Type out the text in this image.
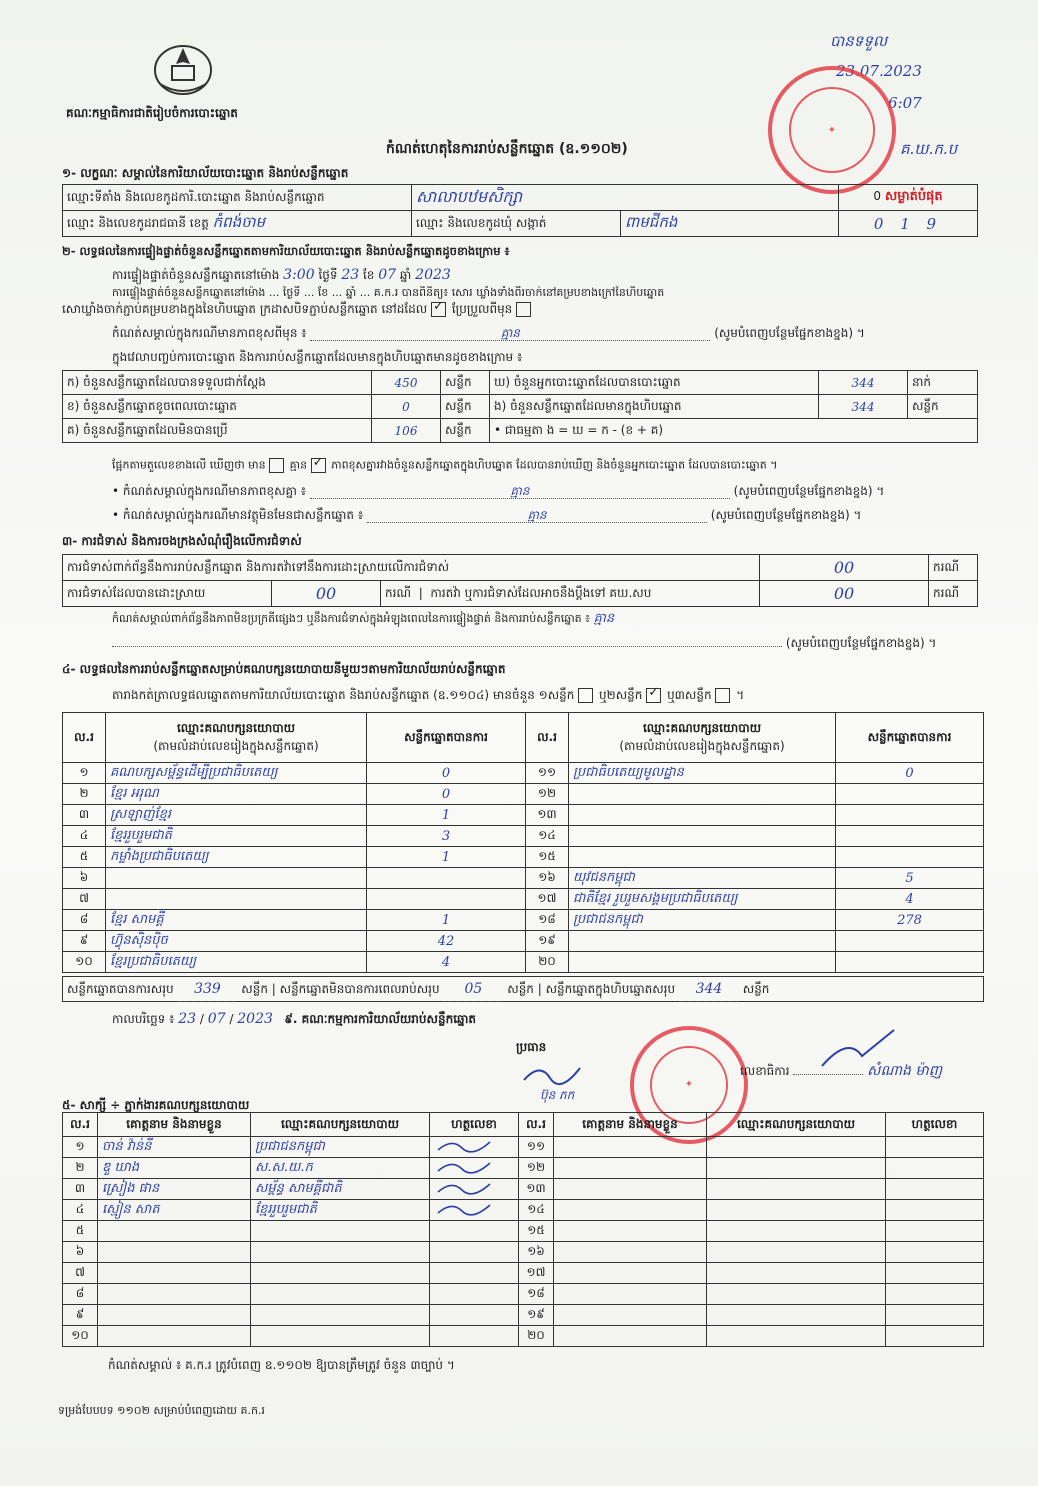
គណៈកម្មាធិការជាតិរៀបចំការបោះឆ្នោត
កំណត់ហេតុនៃការរាប់សន្លឹកឆ្នោត (ឧ.១១០២)
បានទទួល
23.07.2023
6:07
គ.ឃ.ក.ប
✦
១- លក្ខណៈ សម្គាល់នៃការិយាល័យបោះឆ្នោត និងរាប់សន្លឹកឆ្នោត
ឈ្មោះទីតាំង និងលេខកូដការិ.បោះឆ្នោត និងរាប់សន្លឹកឆ្នោត	សាលាបឋមសិក្សា		0 សម្ងាត់បំផុត
ឈ្មោះ និងលេខកូដរាជធានី ខេត្ត កំពង់ចាម	ឈ្មោះ និងលេខកូដឃុំ សង្កាត់	ពាមជីកង	0 1 9
២- លទ្ធផលនៃការផ្ទៀងផ្ទាត់ចំនួនសន្លឹកឆ្នោតតាមការិយាល័យបោះឆ្នោត និងរាប់សន្លឹកឆ្នោតដូចខាងក្រោម ៖
ការផ្ទៀងផ្ទាត់ចំនួនសន្លឹកឆ្នោតនៅម៉ោង 3:00 ថ្ងៃទី 23 ខែ 07 ឆ្នាំ 2023
ការផ្ទៀងផ្ទាត់ចំនួនសន្លឹកឆ្នោតនៅម៉ោង ... ថ្ងៃទី ... ខែ ... ឆ្នាំ ... គ.ក.រ បានពិនិត្យ៖ សោរ ឃ្លាំងទាំងពីរចាក់នៅគម្របខាងក្រៅនៃហិបឆ្នោត
សោឃ្លាំងចាក់ភ្ជាប់គម្របខាងក្នុងនៃហិបឆ្នោត ក្រដាសបិទភ្ជាប់សន្លឹកឆ្នោត នៅដដែល ✓ ប្រែប្រួលពីមុន
កំណត់សម្គាល់ក្នុងករណីមានភាពខុសពីមុន ៖	គ្មាន	(សូមបំពេញបន្ថែមផ្នែកខាងខ្នង) ។
ក្នុងវេលាបញ្ចប់ការបោះឆ្នោត និងការរាប់សន្លឹកឆ្នោតដែលមានក្នុងហិបឆ្នោតមានដូចខាងក្រោម ៖
ក) ចំនួនសន្លឹកឆ្នោតដែលបានទទួលជាក់ស្តែង	450	សន្លឹក	ឃ) ចំនួនអ្នកបោះឆ្នោតដែលបានបោះឆ្នោត	344	នាក់
ខ) ចំនួនសន្លឹកឆ្នោតខូចពេលបោះឆ្នោត	0	សន្លឹក	ង) ចំនួនសន្លឹកឆ្នោតដែលមានក្នុងហិបឆ្នោត	344	សន្លឹក
គ) ចំនួនសន្លឹកឆ្នោតដែលមិនបានប្រើ	106	សន្លឹក	• ជាធម្មតា ង = ឃ = ក - (ខ + គ)		
ផ្អែកតាមតួលេខខាងលើ ឃើញថា មាន គ្មាន ✓ ភាពខុសគ្នារវាងចំនួនសន្លឹកឆ្នោតក្នុងហិបឆ្នោត ដែលបានរាប់ឃើញ និងចំនួនអ្នកបោះឆ្នោត ដែលបានបោះឆ្នោត ។
• កំណត់សម្គាល់ក្នុងករណីមានភាពខុសគ្នា ៖	គ្មាន	(សូមបំពេញបន្ថែមផ្នែកខាងខ្នង) ។
• កំណត់សម្គាល់ក្នុងករណីមានវត្ថុមិនមែនជាសន្លឹកឆ្នោត ៖	គ្មាន	(សូមបំពេញបន្ថែមផ្នែកខាងខ្នង) ។
៣- ការជំទាស់ និងការចងក្រងសំណុំរឿងលើការជំទាស់
ការជំទាស់ពាក់ព័ន្ធនឹងការរាប់សន្លឹកឆ្នោត និងការតវ៉ាទៅនឹងការដោះស្រាយលើការជំទាស់			00	ករណី
ការជំទាស់ដែលបានដោះស្រាយ	00	ករណី  |  ការតវ៉ា ឬការជំទាស់ដែលអាចនឹងប្តឹងទៅ គឃ.សប	00	ករណី
កំណត់សម្គាល់ពាក់ព័ន្ធនឹងភាពមិនប្រក្រតីផ្សេងៗ ឬនឹងការជំទាស់ក្នុងអំឡុងពេលនៃការផ្ទៀងផ្ទាត់ និងការរាប់សន្លឹកឆ្នោត ៖ គ្មាន
(សូមបំពេញបន្ថែមផ្នែកខាងខ្នង) ។
៤- លទ្ធផលនៃការរាប់សន្លឹកឆ្នោតសម្រាប់គណបក្សនយោបាយនីមួយៗតាមការិយាល័យរាប់សន្លឹកឆ្នោត
តារាងកត់ត្រាលទ្ធផលឆ្នោតតាមការិយាល័យបោះឆ្នោត និងរាប់សន្លឹកឆ្នោត (ឧ.១១០៤) មានចំនួន ១សន្លឹក ឬ២សន្លឹក ✓ ឬ៣សន្លឹក  ។
ល.រ	ឈ្មោះគណបក្សនយោបាយ
(តាមលំដាប់លេខរៀងក្នុងសន្លឹកឆ្នោត)	សន្លឹកឆ្នោតបានការ	ល.រ	ឈ្មោះគណបក្សនយោបាយ
(តាមលំដាប់លេខរៀងក្នុងសន្លឹកឆ្នោត)	សន្លឹកឆ្នោតបានការ
១	គណបក្សសម្ព័ន្ធដើម្បីប្រជាធិបតេយ្យ	0	១១	ប្រជាធិបតេយ្យមូលដ្ឋាន	0
២	ខ្មែរ អរុណ	0	១២		
៣	ស្រឡាញ់ខ្មែរ	1	១៣		
៤	ខ្មែររួបរួមជាតិ	3	១៤		
៥	កម្លាំងប្រជាធិបតេយ្យ	1	១៥		
៦			១៦	យុវជនកម្ពុជា	5
៧			១៧	ជាតិខ្មែរ រួបរួមសង្គមប្រជាធិបតេយ្យ	4
៨	ខ្មែរ សាមគ្គី	1	១៨	ប្រជាជនកម្ពុជា	278
៩	ហ៊្វុនស៊ិនប៉ិច	42	១៩		
១០	ខ្មែរប្រជាធិបតេយ្យ	4	២០		
សន្លឹកឆ្នោតបានការសរុប 339 សន្លឹក | សន្លឹកឆ្នោតមិនបានការពេលរាប់សរុប 05 សន្លឹក | សន្លឹកឆ្នោតក្នុងហិបឆ្នោតសរុប 344 សន្លឹក
កាលបរិច្ឆេទ ៖ 23 / 07 / 2023 ៩. គណៈកម្មការការិយាល័យរាប់សន្លឹកឆ្នោត
ប្រធាន
ប៊ុន ភក
✦
លេខាធិការ	សំណាង ម៉ាញ
៥- សាក្សី ÷ ភ្នាក់ងារគណបក្សនយោបាយ
ល.រ	គោត្តនាម និងនាមខ្លួន	ឈ្មោះគណបក្សនយោបាយ	ហត្ថលេខា	ល.រ	គោត្តនាម និងនាមខ្លួន	ឈ្មោះគណបក្សនយោបាយ	ហត្ថលេខា
១	ចាន់ វ៉ាន់នី	ប្រជាជនកម្ពុជា		១១			
២	ឌួ ឃាង	ស.ស.យ.ក		១២			
៣	ស្រៀង ផាន	សម្ព័ន្ធ សាមគ្គីជាតិ		១៣			
៤	ស្មៀន សាត	ខ្មែររួបរួមជាតិ		១៤			
៥				១៥			
៦				១៦			
៧				១៧			
៨				១៨			
៩				១៩			
១០				២០			
កំណត់សម្គាល់ ៖ គ.ក.រ ត្រូវបំពេញ ឧ.១១០២ ឱ្យបានត្រឹមត្រូវ ចំនួន ៣ច្បាប់ ។
ទម្រង់បែបបទ ១១០២ សម្រាប់បំពេញដោយ គ.ក.រ
